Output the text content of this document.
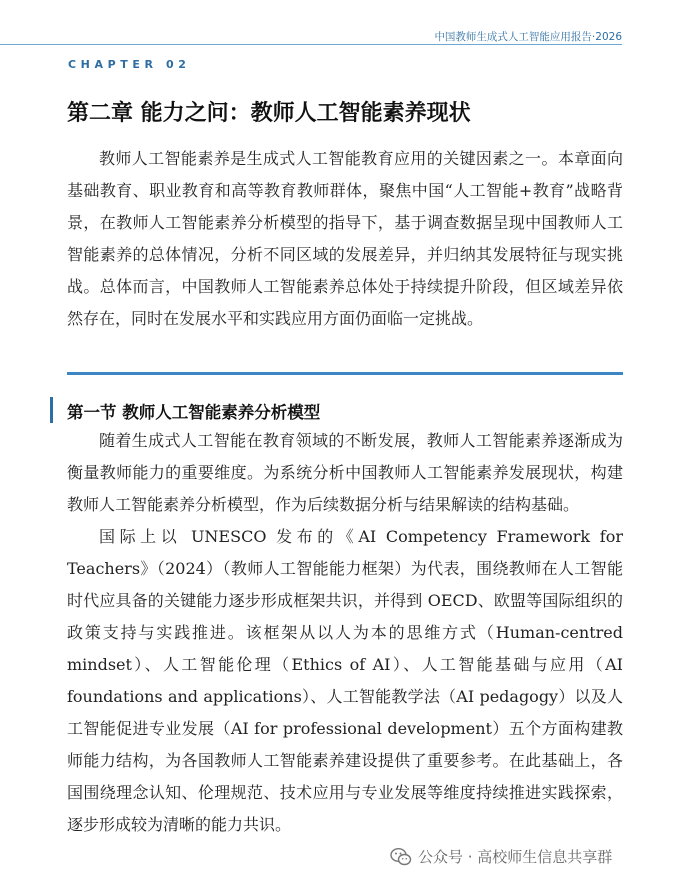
中国教师生成式人工智能应用报告·2026
CHAPTER 02
第二章 能力之问：教师人工智能素养现状

教师人工智能素养是生成式人工智能教育应用的关键因素之一。本章面向基础教育、职业教育和高等教育教师群体，聚焦中国“人工智能+教育”战略背景，在教师人工智能素养分析模型的指导下，基于调查数据呈现中国教师人工智能素养的总体情况，分析不同区域的发展差异，并归纳其发展特征与现实挑战。总体而言，中国教师人工智能素养总体处于持续提升阶段，但区域差异依然存在，同时在发展水平和实践应用方面仍面临一定挑战。

第一节 教师人工智能素养分析模型

随着生成式人工智能在教育领域的不断发展，教师人工智能素养逐渐成为衡量教师能力的重要维度。为系统分析中国教师人工智能素养发展现状，构建教师人工智能素养分析模型，作为后续数据分析与结果解读的结构基础。

国际上以 UNESCO 发布的《AI Competency Framework for Teachers》（2024）（教师人工智能能力框架）为代表，围绕教师在人工智能时代应具备的关键能力逐步形成框架共识，并得到 OECD、欧盟等国际组织的政策支持与实践推进。该框架从以人为本的思维方式（Human-centred mindset）、人工智能伦理（Ethics of AI）、人工智能基础与应用（AI foundations and applications）、人工智能教学法（AI pedagogy）以及人工智能促进专业发展（AI for professional development）五个方面构建教师能力结构，为各国教师人工智能素养建设提供了重要参考。在此基础上，各国围绕理念认知、伦理规范、技术应用与专业发展等维度持续推进实践探索，逐步形成较为清晰的能力共识。

公众号 · 高校师生信息共享群
